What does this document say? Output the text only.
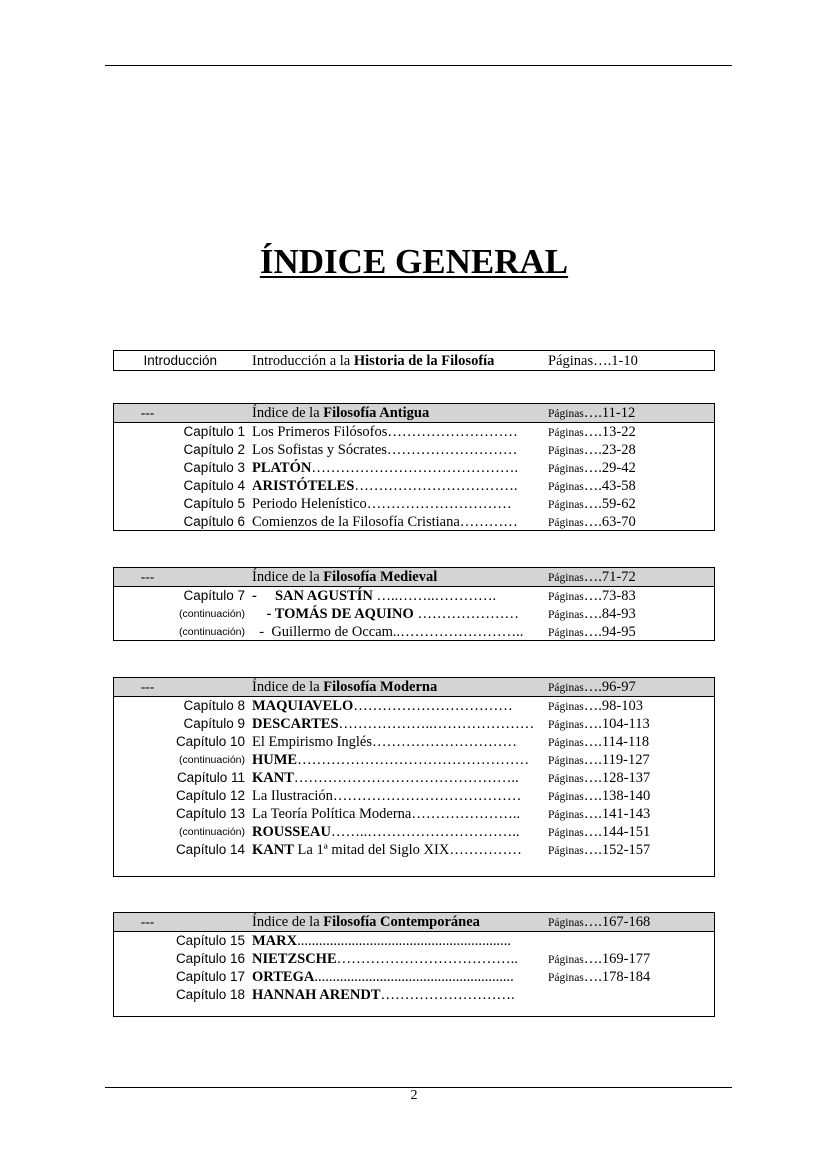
ÍNDICE GENERAL
Introducción Introducción a la Historia de la Filosofía	Páginas….1-10
---	Índice de la Filosofía Antigua	Páginas….11-12
Capítulo 1 Los Primeros Filósofos………………………	Páginas….13-22
Capítulo 2 Los Sofistas y Sócrates………………………	Páginas….23-28
Capítulo 3 PLATÓN…………………………………….	Páginas….29-42
Capítulo 4 ARISTÓTELES…………………………….	Páginas….43-58
Capítulo 5 Periodo Helenístico…………………………	Páginas….59-62
Capítulo 6 Comienzos de la Filosofía Cristiana…………	Páginas….63-70
---	Índice de la Filosofía Medieval	Páginas….71-72
Capítulo 7 -     SAN AGUSTÍN …..……..………….	Páginas….73-83
(continuación) - TOMÁS DE AQUINO …………………	Páginas….84-93
(continuación) -  Guillermo de Occam..……………………..	Páginas….94-95
---	Índice de la Filosofía Moderna	Páginas….96-97
Capítulo 8 MAQUIAVELO……………………………	Páginas….98-103
Capítulo 9 DESCARTES………………..…………………	Páginas….104-113
Capítulo 10 El Empirismo Inglés…………………………	Páginas….114-118
(continuación) HUME…………………………………………	Páginas….119-127
Capítulo 11 KANT………………………………………..	Páginas….128-137
Capítulo 12 La Ilustración…………………………………	Páginas….138-140
Capítulo 13 La Teoría Política Moderna…………………..	Páginas….141-143
(continuación) ROUSSEAU……..…………………………..	Páginas….144-151
Capítulo 14 KANT La 1ª mitad del Siglo XIX……………	Páginas….152-157
---	Índice de la Filosofía Contemporánea	Páginas….167-168
Capítulo 15 MARX...........................................................
Capítulo 16 NIETZSCHE………………………………..	Páginas….169-177
Capítulo 17 ORTEGA.......................................................	Páginas….178-184
Capítulo 18 HANNAH ARENDT……………………….
2
